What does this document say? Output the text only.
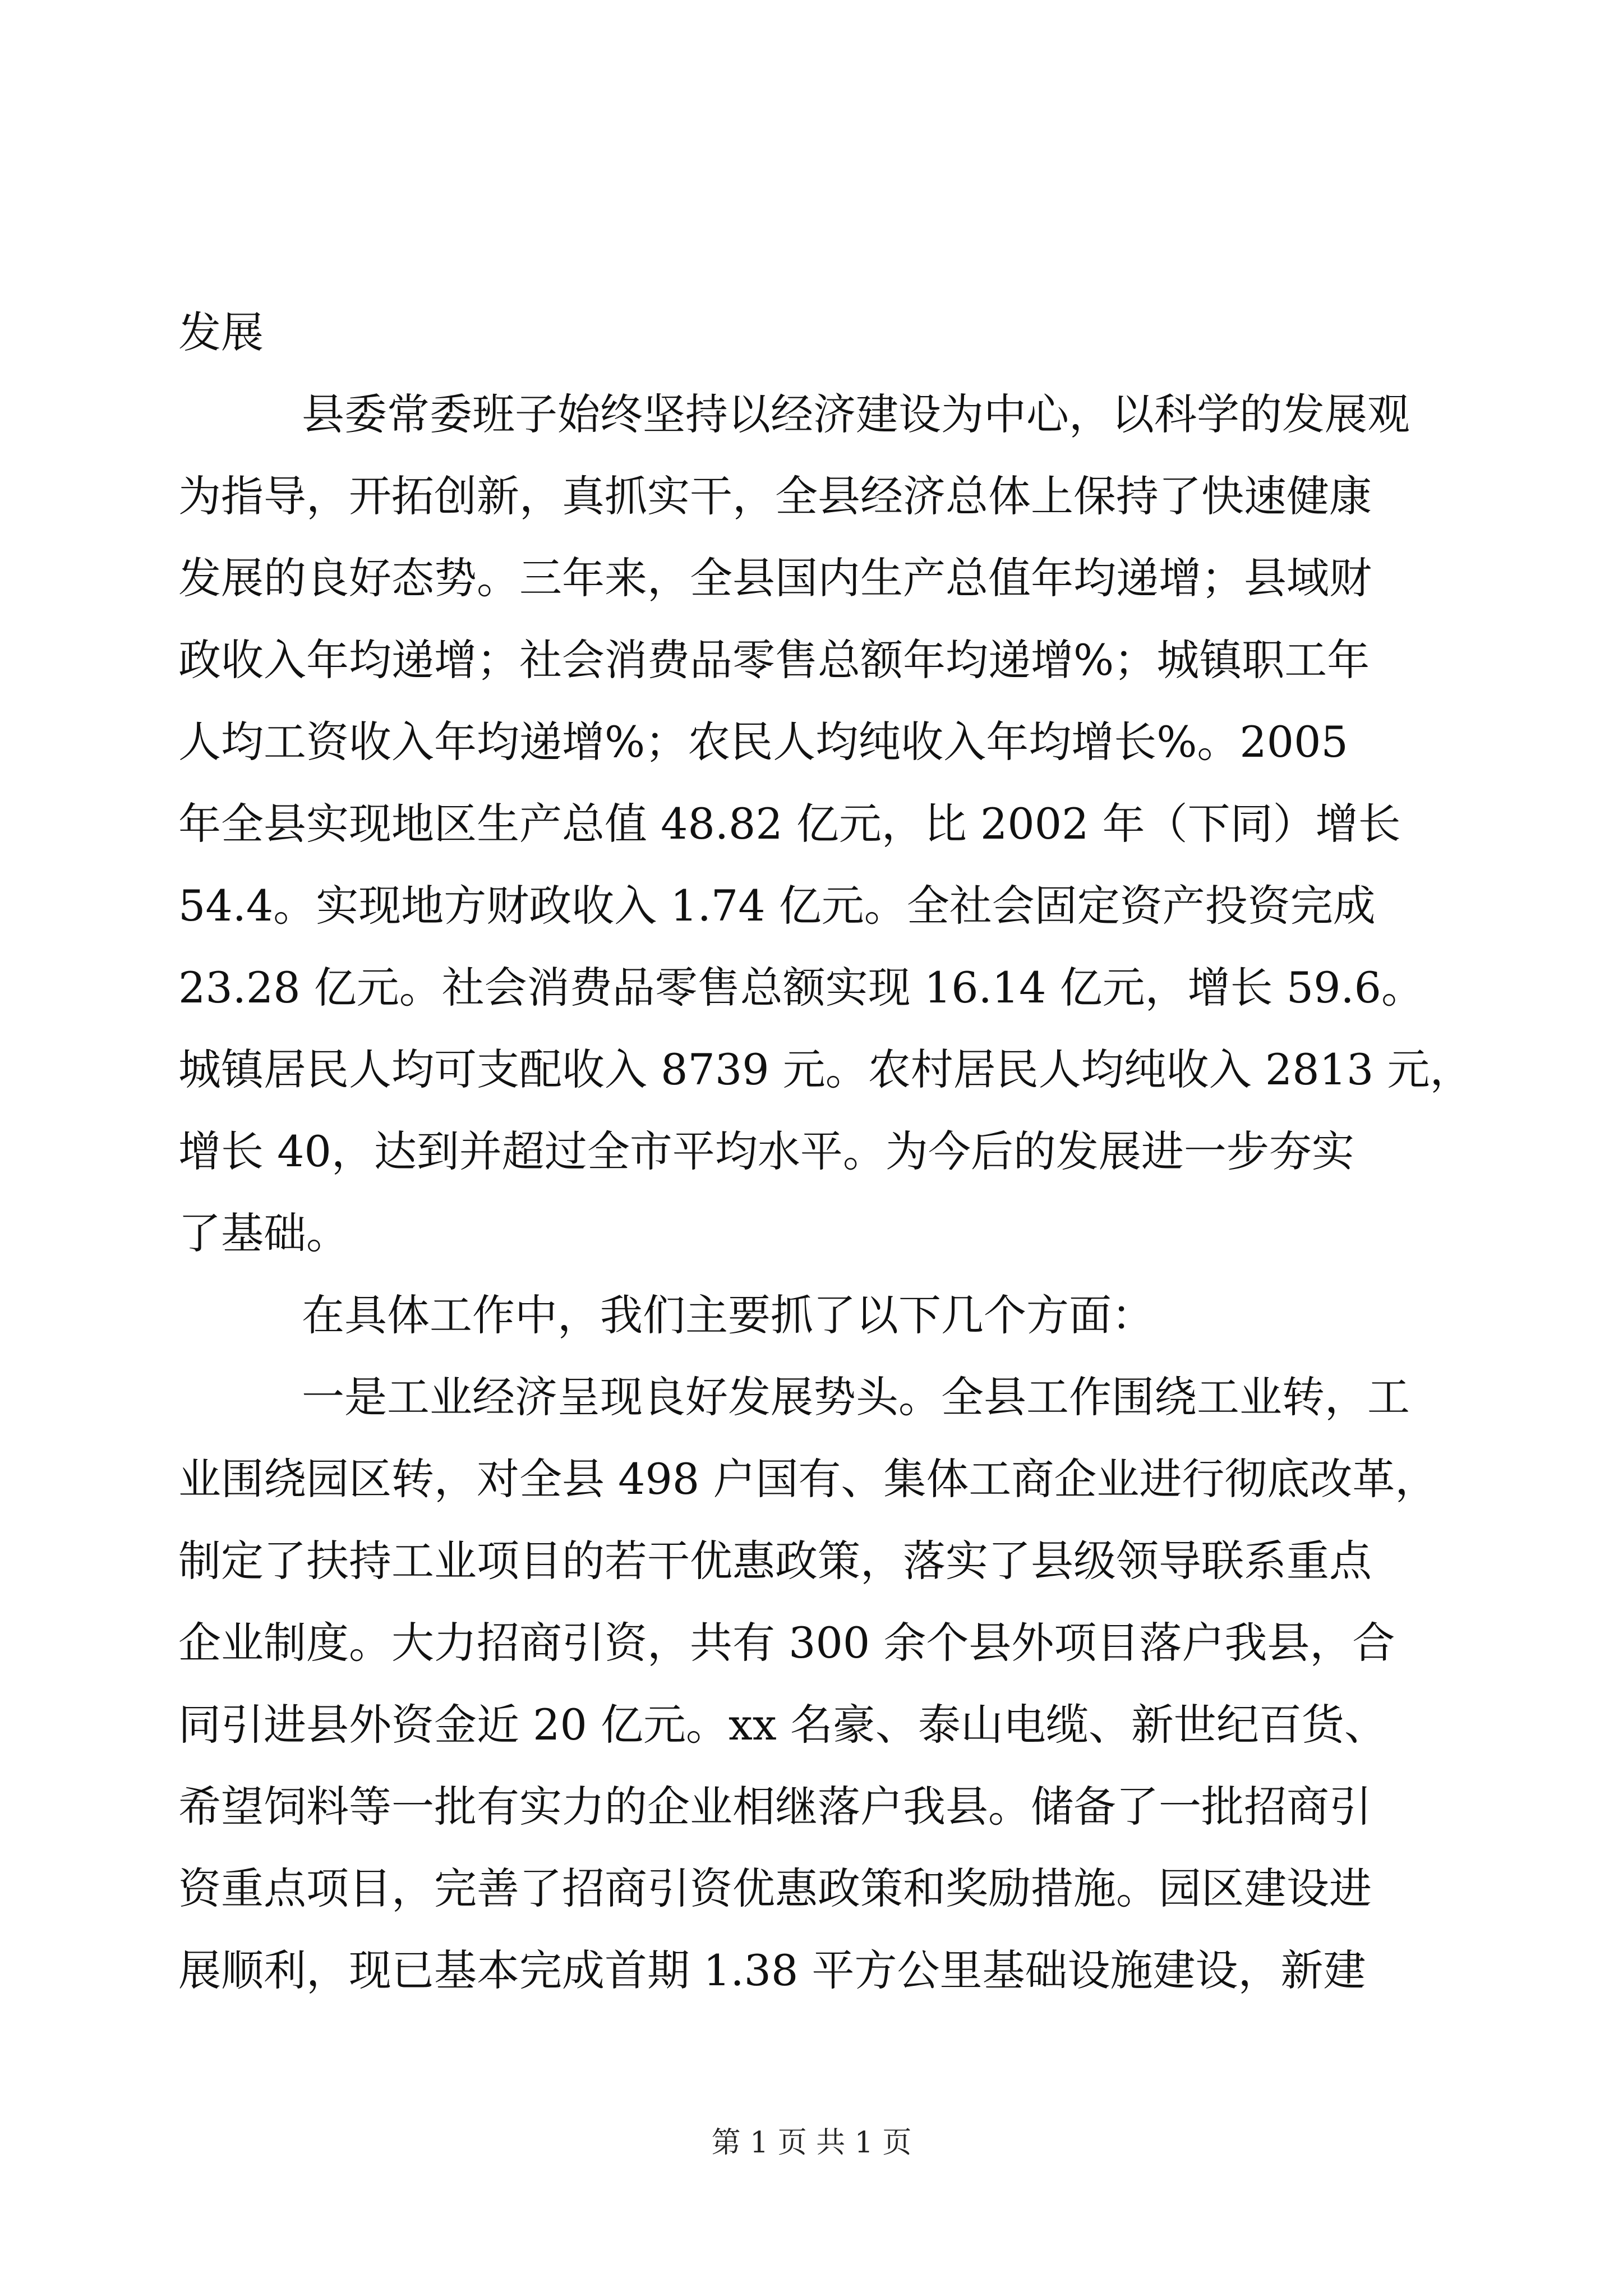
发展
县委常委班子始终坚持以经济建设为中心，以科学的发展观
为指导，开拓创新，真抓实干，全县经济总体上保持了快速健康
发展的良好态势。三年来，全县国内生产总值年均递增；县域财
政收入年均递增；社会消费品零售总额年均递增%；城镇职工年
人均工资收入年均递增%；农民人均纯收入年均增长%。2005
年全县实现地区生产总值 48.82 亿元，比 2002 年（下同）增长
54.4。实现地方财政收入 1.74 亿元。全社会固定资产投资完成
23.28 亿元。社会消费品零售总额实现 16.14 亿元，增长 59.6。
城镇居民人均可支配收入 8739 元。农村居民人均纯收入 2813 元，
增长 40，达到并超过全市平均水平。为今后的发展进一步夯实
了基础。
在具体工作中，我们主要抓了以下几个方面：
一是工业经济呈现良好发展势头。全县工作围绕工业转，工
业围绕园区转，对全县 498 户国有、集体工商企业进行彻底改革，
制定了扶持工业项目的若干优惠政策，落实了县级领导联系重点
企业制度。大力招商引资，共有 300 余个县外项目落户我县，合
同引进县外资金近 20 亿元。xx 名豪、泰山电缆、新世纪百货、
希望饲料等一批有实力的企业相继落户我县。储备了一批招商引
资重点项目，完善了招商引资优惠政策和奖励措施。园区建设进
展顺利，现已基本完成首期 1.38 平方公里基础设施建设，新建
第 1 页 共 1 页
